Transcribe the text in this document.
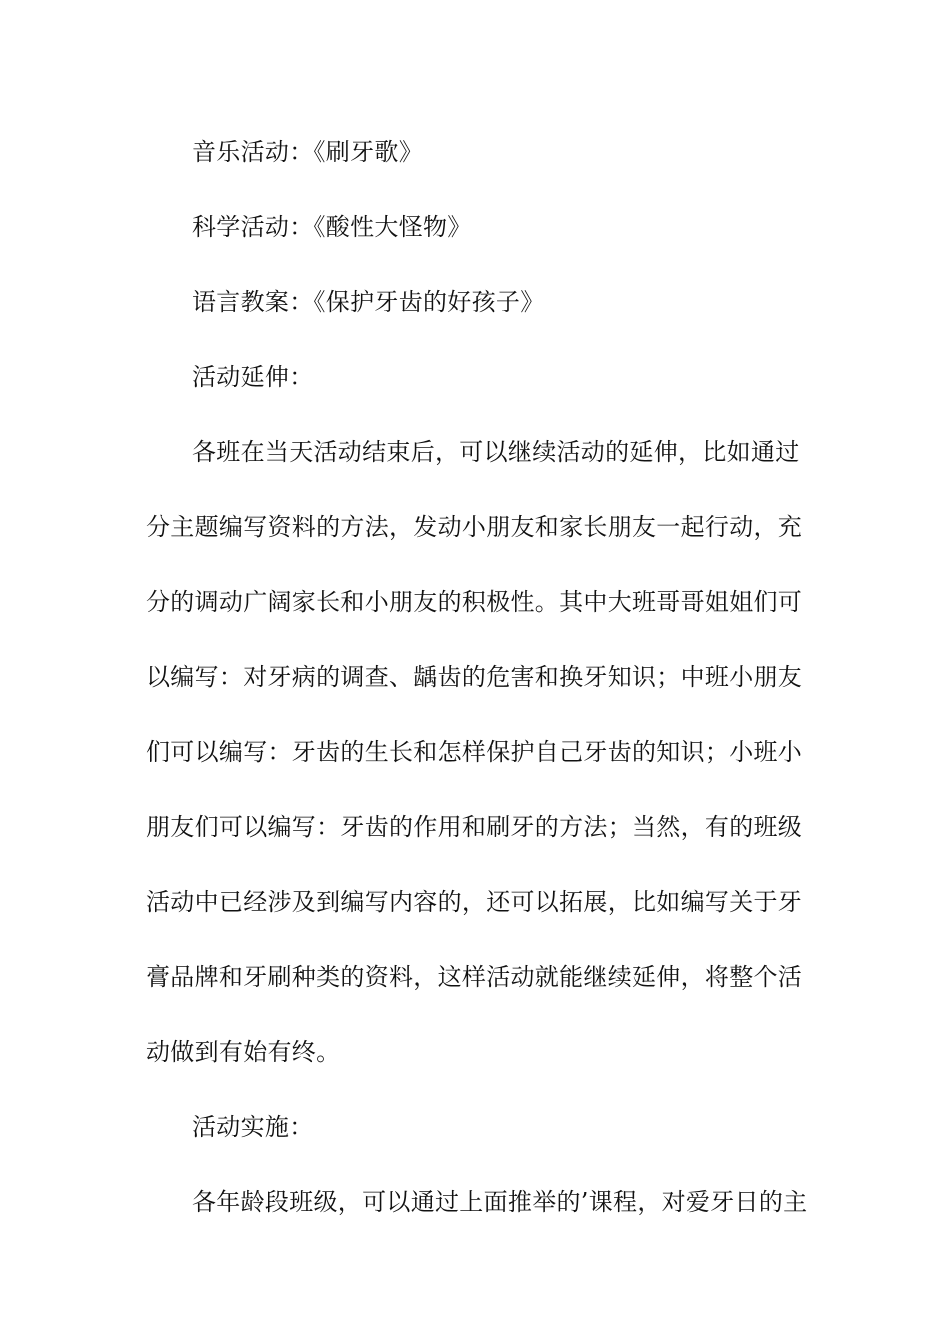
音乐活动：《刷牙歌》
科学活动：《酸性大怪物》
语言教案：《保护牙齿的好孩子》
活动延伸：
各班在当天活动结束后，可以继续活动的延伸，比如通过
分主题编写资料的方法，发动小朋友和家长朋友一起行动，充
分的调动广阔家长和小朋友的积极性。其中大班哥哥姐姐们可
以编写：对牙病的调查、龋齿的危害和换牙知识；中班小朋友
们可以编写：牙齿的生长和怎样保护自己牙齿的知识；小班小
朋友们可以编写：牙齿的作用和刷牙的方法；当然，有的班级
活动中已经涉及到编写内容的，还可以拓展，比如编写关于牙
膏品牌和牙刷种类的资料，这样活动就能继续延伸，将整个活
动做到有始有终。
活动实施：
各年龄段班级，可以通过上面推举的’课程，对爱牙日的主
